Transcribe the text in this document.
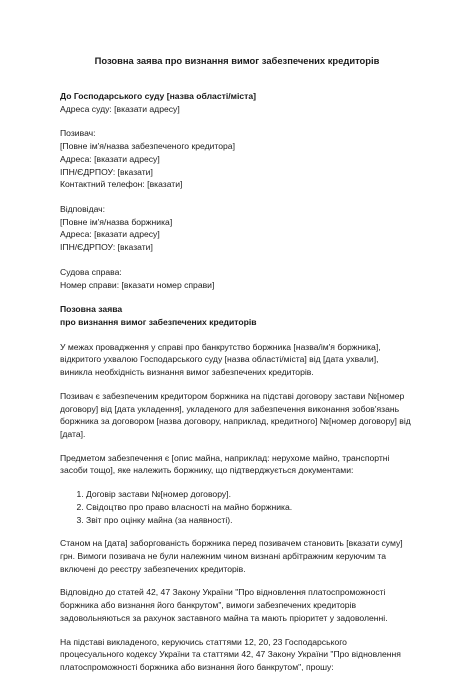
Позовна заява про визнання вимог забезпечених кредиторів
До Господарського суду [назва області/міста]
Адреса суду: [вказати адресу]
Позивач:
[Повне ім'я/назва забезпеченого кредитора]
Адреса: [вказати адресу]
ІПН/ЄДРПОУ: [вказати]
Контактний телефон: [вказати]
Відповідач:
[Повне ім'я/назва боржника]
Адреса: [вказати адресу]
ІПН/ЄДРПОУ: [вказати]
Судова справа:
Номер справи: [вказати номер справи]
Позовна заява
про визнання вимог забезпечених кредиторів

У межах провадження у справі про банкрутство боржника [назва/ім'я боржника],
відкритого ухвалою Господарського суду [назва області/міста] від [дата ухвали],
виникла необхідність визнання вимог забезпечених кредиторів.

Позивач є забезпеченим кредитором боржника на підставі договору застави №[номер
договору] від [дата укладення], укладеного для забезпечення виконання зобов'язань
боржника за договором [назва договору, наприклад, кредитного] №[номер договору] від
[дата].

Предметом забезпечення є [опис майна, наприклад: нерухоме майно, транспортні
засоби тощо], яке належить боржнику, що підтверджується документами:

1. Договір застави №[номер договору].
2. Свідоцтво про право власності на майно боржника.
3. Звіт про оцінку майна (за наявності).

Станом на [дата] заборгованість боржника перед позивачем становить [вказати суму]
грн. Вимоги позивача не були належним чином визнані арбітражним керуючим та
включені до реєстру забезпечених кредиторів.

Відповідно до статей 42, 47 Закону України "Про відновлення платоспроможності
боржника або визнання його банкрутом", вимоги забезпечених кредиторів
задовольняються за рахунок заставного майна та мають пріоритет у задоволенні.

На підставі викладеного, керуючись статтями 12, 20, 23 Господарського
процесуального кодексу України та статтями 42, 47 Закону України "Про відновлення
платоспроможності боржника або визнання його банкрутом", прошу:
